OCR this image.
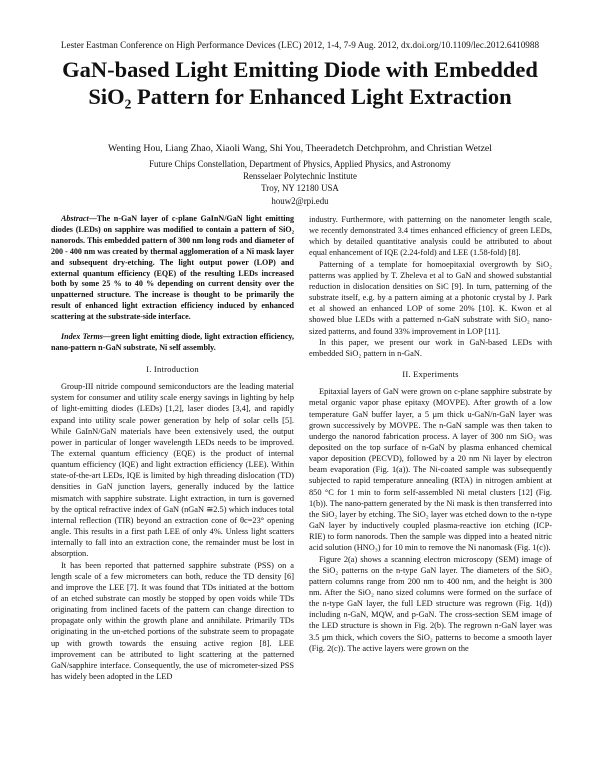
Lester Eastman Conference on High Performance Devices (LEC) 2012, 1-4, 7-9 Aug. 2012, dx.doi.org/10.1109/lec.2012.6410988
GaN-based Light Emitting Diode with Embedded
SiO₂ Pattern for Enhanced Light Extraction
Wenting Hou, Liang Zhao, Xiaoli Wang, Shi You, Theeradetch Detchprohm, and Christian Wetzel
Future Chips Constellation, Department of Physics, Applied Physics, and Astronomy
Rensselaer Polytechnic Institute
Troy, NY 12180 USA
houw2@rpi.edu

Abstract—The n-GaN layer of c-plane GaInN/GaN light emitting diodes (LEDs) on sapphire was modified to contain a pattern of SiO₂ nanorods. This embedded pattern of 300 nm long rods and diameter of 200 - 400 nm was created by thermal agglomeration of a Ni mask layer and subsequent dry-etching. The light output power (LOP) and external quantum efficiency (EQE) of the resulting LEDs increased both by some 25 % to 40 % depending on current density over the unpatterned structure. The increase is thought to be primarily the result of enhanced light extraction efficiency induced by enhanced scattering at the substrate-side interface.

Index Terms—green light emitting diode, light extraction efficiency, nano-pattern n-GaN substrate, Ni self assembly.

I. Introduction

Group-III nitride compound semiconductors are the leading material system for consumer and utility scale energy savings in lighting by help of light-emitting diodes (LEDs) [1,2], laser diodes [3,4], and rapidly expand into utility scale power generation by help of solar cells [5]. While GaInN/GaN materials have been extensively used, the output power in particular of longer wavelength LEDs needs to be improved. The external quantum efficiency (EQE) is the product of internal quantum efficiency (IQE) and light extraction efficiency (LEE). Within state-of-the-art LEDs, IQE is limited by high threading dislocation (TD) densities in GaN junction layers, generally induced by the lattice mismatch with sapphire substrate. Light extraction, in turn is governed by the optical refractive index of GaN (nGaN ≅2.5) which induces total internal reflection (TIR) beyond an extraction cone of θc=23° opening angle. This results in a first path LEE of only 4%. Unless light scatters internally to fall into an extraction cone, the remainder must be lost in absorption.

It has been reported that patterned sapphire substrate (PSS) on a length scale of a few micrometers can both, reduce the TD density [6] and improve the LEE [7]. It was found that TDs initiated at the bottom of an etched substrate can mostly be stopped by open voids while TDs originating from inclined facets of the pattern can change direction to propagate only within the growth plane and annihilate. Primarily TDs originating in the un-etched portions of the substrate seem to propagate up with growth towards the ensuing active region [8]. LEE improvement can be attributed to light scattering at the patterned GaN/sapphire interface. Consequently, the use of micrometer-sized PSS has widely been adopted in the LED

industry. Furthermore, with patterning on the nanometer length scale, we recently demonstrated 3.4 times enhanced efficiency of green LEDs, which by detailed quantitative analysis could be attributed to about equal enhancement of IQE (2.24-fold) and LEE (1.58-fold) [8].

Patterning of a template for homoepitaxial overgrowth by SiO₂ patterns was applied by T. Zheleva et al to GaN and showed substantial reduction in dislocation densities on SiC [9]. In turn, patterning of the substrate itself, e.g. by a pattern aiming at a photonic crystal by J. Park et al showed an enhanced LOP of some 20% [10]. K. Kwon et al showed blue LEDs with a patterned n-GaN substrate with SiO₂ nano-sized patterns, and found 33% improvement in LOP [11].

In this paper, we present our work in GaN-based LEDs with embedded SiO₂ pattern in n-GaN.

II. Experiments

Epitaxial layers of GaN were grown on c-plane sapphire substrate by metal organic vapor phase epitaxy (MOVPE). After growth of a low temperature GaN buffer layer, a 5 μm thick u-GaN/n-GaN layer was grown successively by MOVPE. The n-GaN sample was then taken to undergo the nanorod fabrication process. A layer of 300 nm SiO₂ was deposited on the top surface of n-GaN by plasma enhanced chemical vapor deposition (PECVD), followed by a 20 nm Ni layer by electron beam evaporation (Fig. 1(a)). The Ni-coated sample was subsequently subjected to rapid temperature annealing (RTA) in nitrogen ambient at 850 °C for 1 min to form self-assembled Ni metal clusters [12] (Fig. 1(b)). The nano-pattern generated by the Ni mask is then transferred into the SiO₂ layer by etching. The SiO₂ layer was etched down to the n-type GaN layer by inductively coupled plasma-reactive ion etching (ICP-RIE) to form nanorods. Then the sample was dipped into a heated nitric acid solution (HNO₃) for 10 min to remove the Ni nanomask (Fig. 1(c)).

Figure 2(a) shows a scanning electron microscopy (SEM) image of the SiO₂ patterns on the n-type GaN layer. The diameters of the SiO₂ pattern columns range from 200 nm to 400 nm, and the height is 300 nm. After the SiO₂ nano sized columns were formed on the surface of the n-type GaN layer, the full LED structure was regrown (Fig. 1(d)) including n-GaN, MQW, and p-GaN. The cross-section SEM image of the LED structure is shown in Fig. 2(b). The regrown n-GaN layer was 3.5 μm thick, which covers the SiO₂ patterns to become a smooth layer (Fig. 2(c)). The active layers were grown on the
